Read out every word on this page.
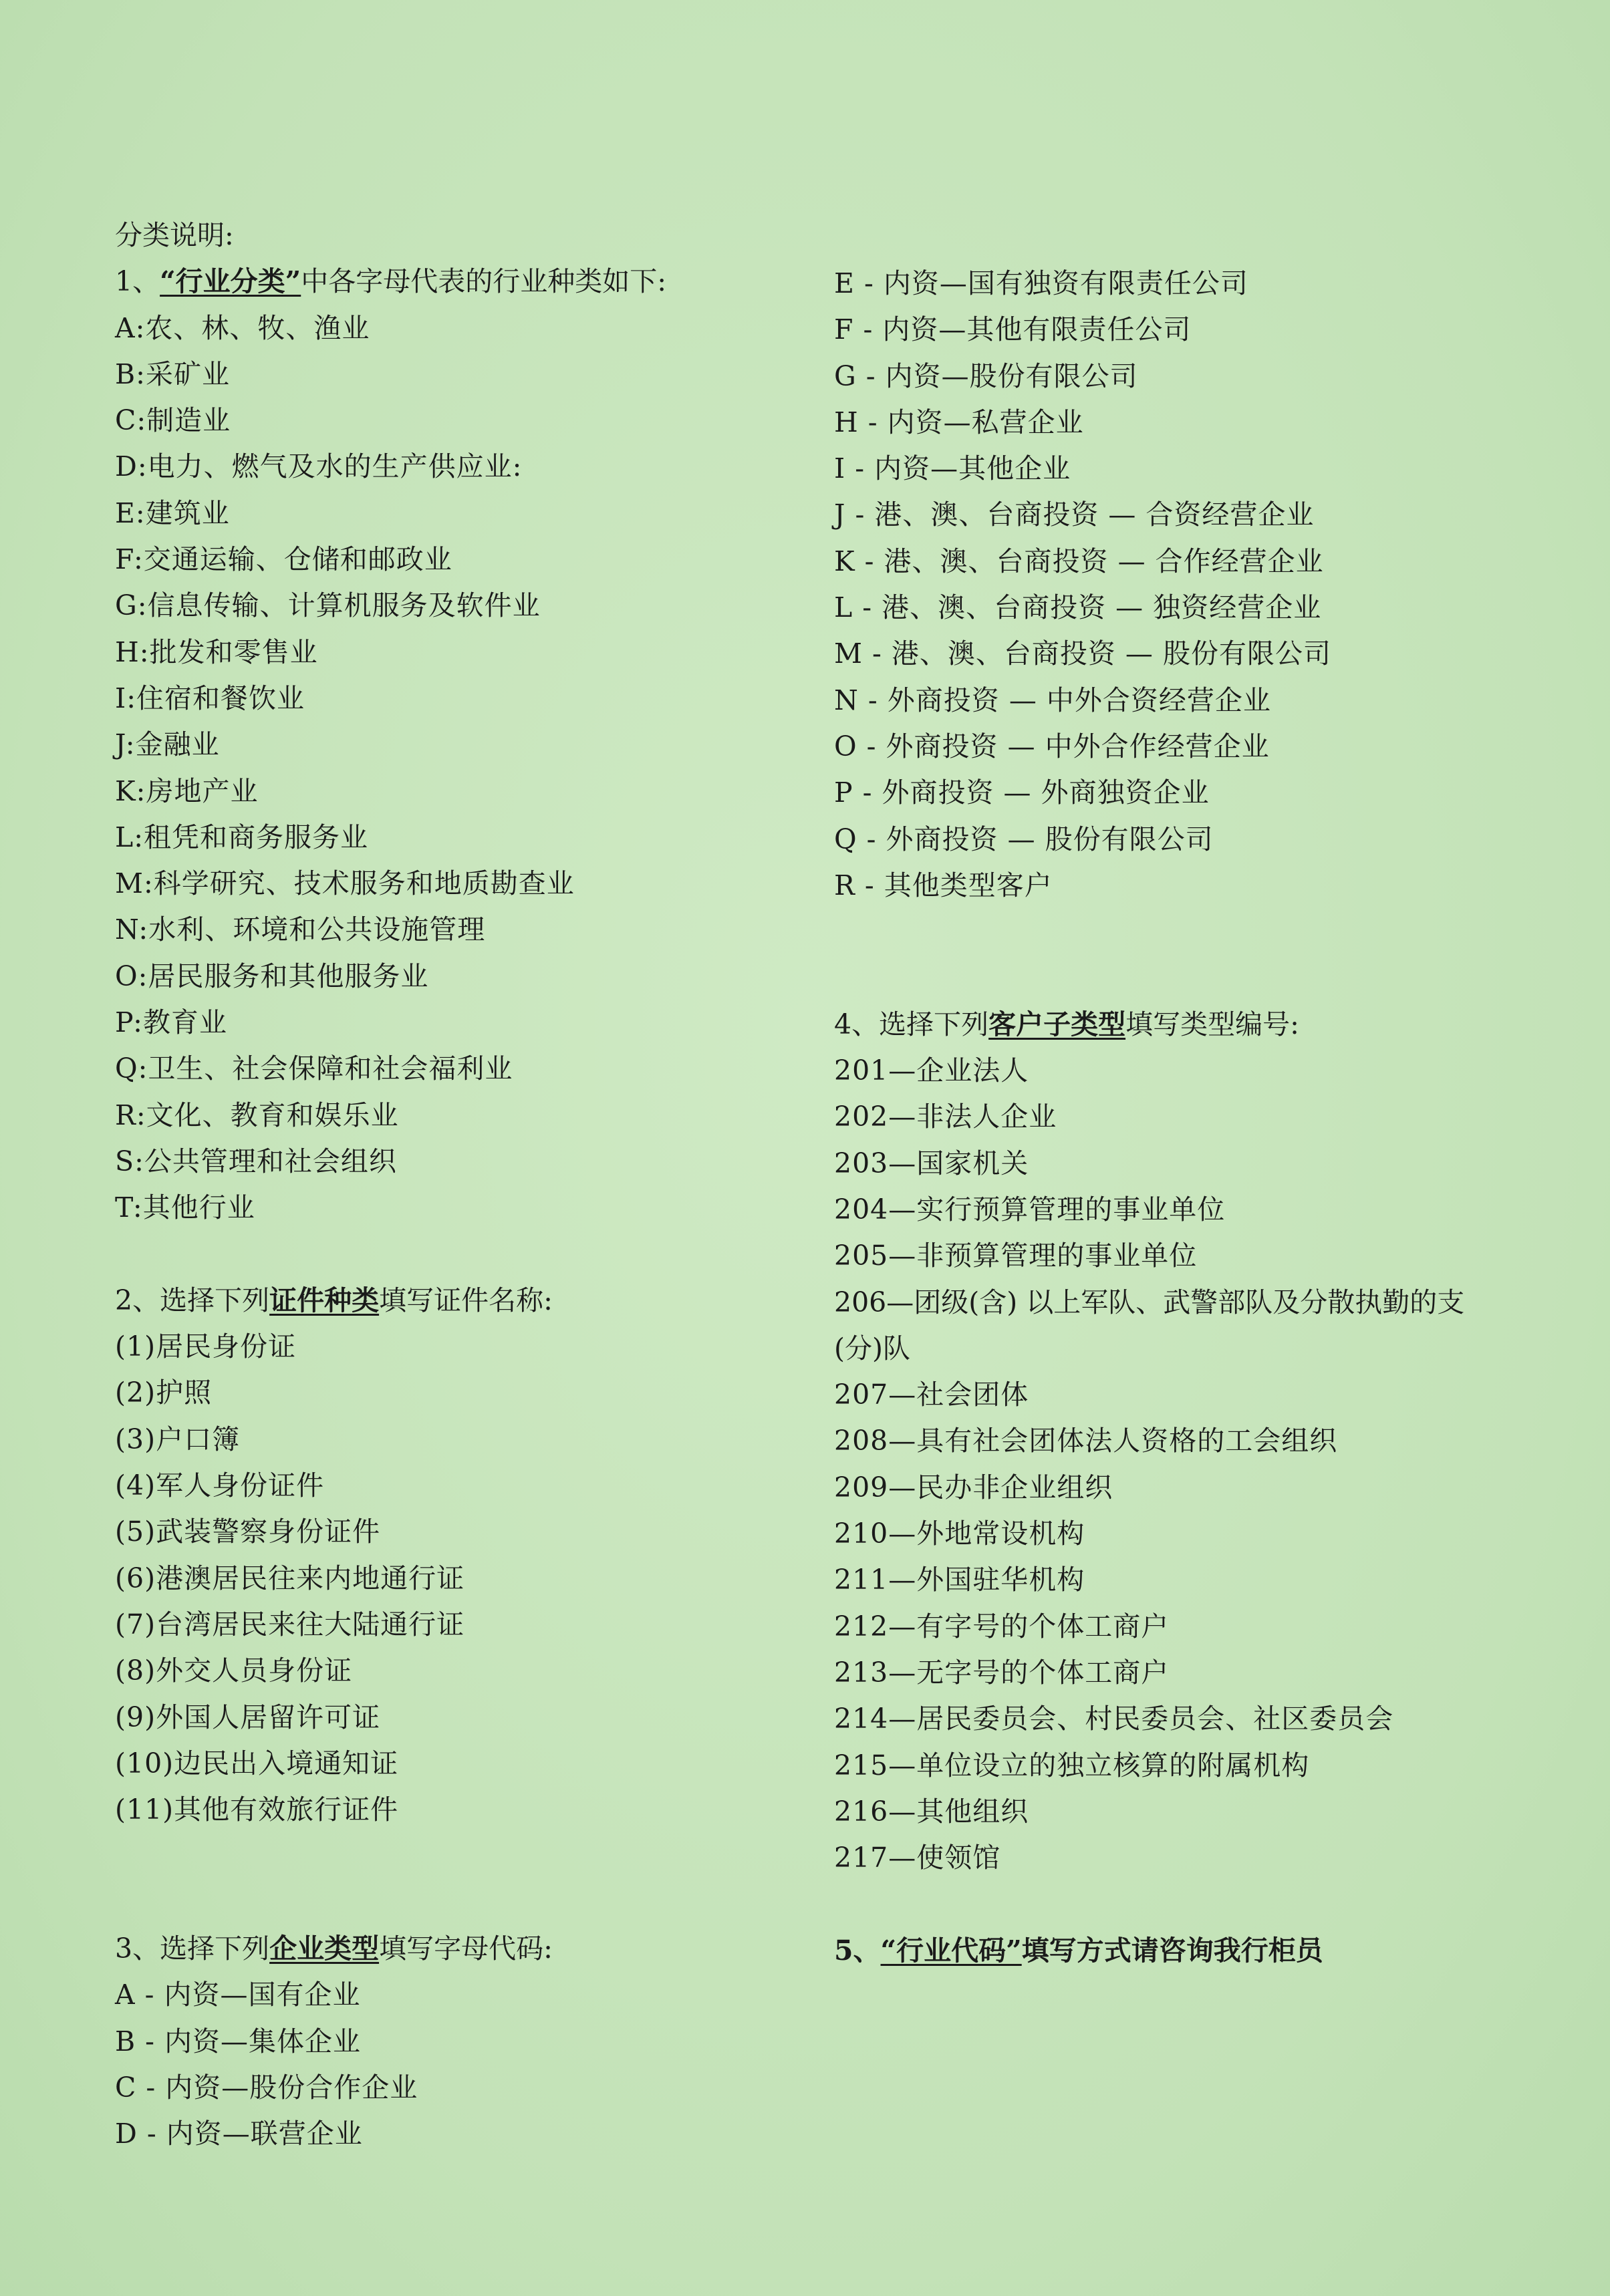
分类说明:
1、“行业分类”中各字母代表的行业种类如下:
A:农、林、牧、渔业
B:采矿业
C:制造业
D:电力、燃气及水的生产供应业:
E:建筑业
F:交通运输、仓储和邮政业
G:信息传输、计算机服务及软件业
H:批发和零售业
I:住宿和餐饮业
J:金融业
K:房地产业
L:租凭和商务服务业
M:科学研究、技术服务和地质勘查业
N:水利、环境和公共设施管理
O:居民服务和其他服务业
P:教育业
Q:卫生、社会保障和社会福利业
R:文化、教育和娱乐业
S:公共管理和社会组织
T:其他行业
2、选择下列证件种类填写证件名称:
(1)居民身份证
(2)护照
(3)户口簿
(4)军人身份证件
(5)武装警察身份证件
(6)港澳居民往来内地通行证
(7)台湾居民来往大陆通行证
(8)外交人员身份证
(9)外国人居留许可证
(10)边民出入境通知证
(11)其他有效旅行证件
3、选择下列企业类型填写字母代码:
A - 内资—国有企业
B - 内资—集体企业
C - 内资—股份合作企业
D - 内资—联营企业
E - 内资—国有独资有限责任公司
F - 内资—其他有限责任公司
G - 内资—股份有限公司
H - 内资—私营企业
I - 内资—其他企业
J - 港、澳、台商投资 — 合资经营企业
K - 港、澳、台商投资 — 合作经营企业
L - 港、澳、台商投资 — 独资经营企业
M - 港、澳、台商投资 — 股份有限公司
N - 外商投资 — 中外合资经营企业
O - 外商投资 — 中外合作经营企业
P - 外商投资 — 外商独资企业
Q - 外商投资 — 股份有限公司
R - 其他类型客户
4、选择下列客户子类型填写类型编号:
201—企业法人
202—非法人企业
203—国家机关
204—实行预算管理的事业单位
205—非预算管理的事业单位
206—团级(含) 以上军队、武警部队及分散执勤的支(分)队
207—社会团体
208—具有社会团体法人资格的工会组织
209—民办非企业组织
210—外地常设机构
211—外国驻华机构
212—有字号的个体工商户
213—无字号的个体工商户
214—居民委员会、村民委员会、社区委员会
215—单位设立的独立核算的附属机构
216—其他组织
217—使领馆
5、“行业代码”填写方式请咨询我行柜员
